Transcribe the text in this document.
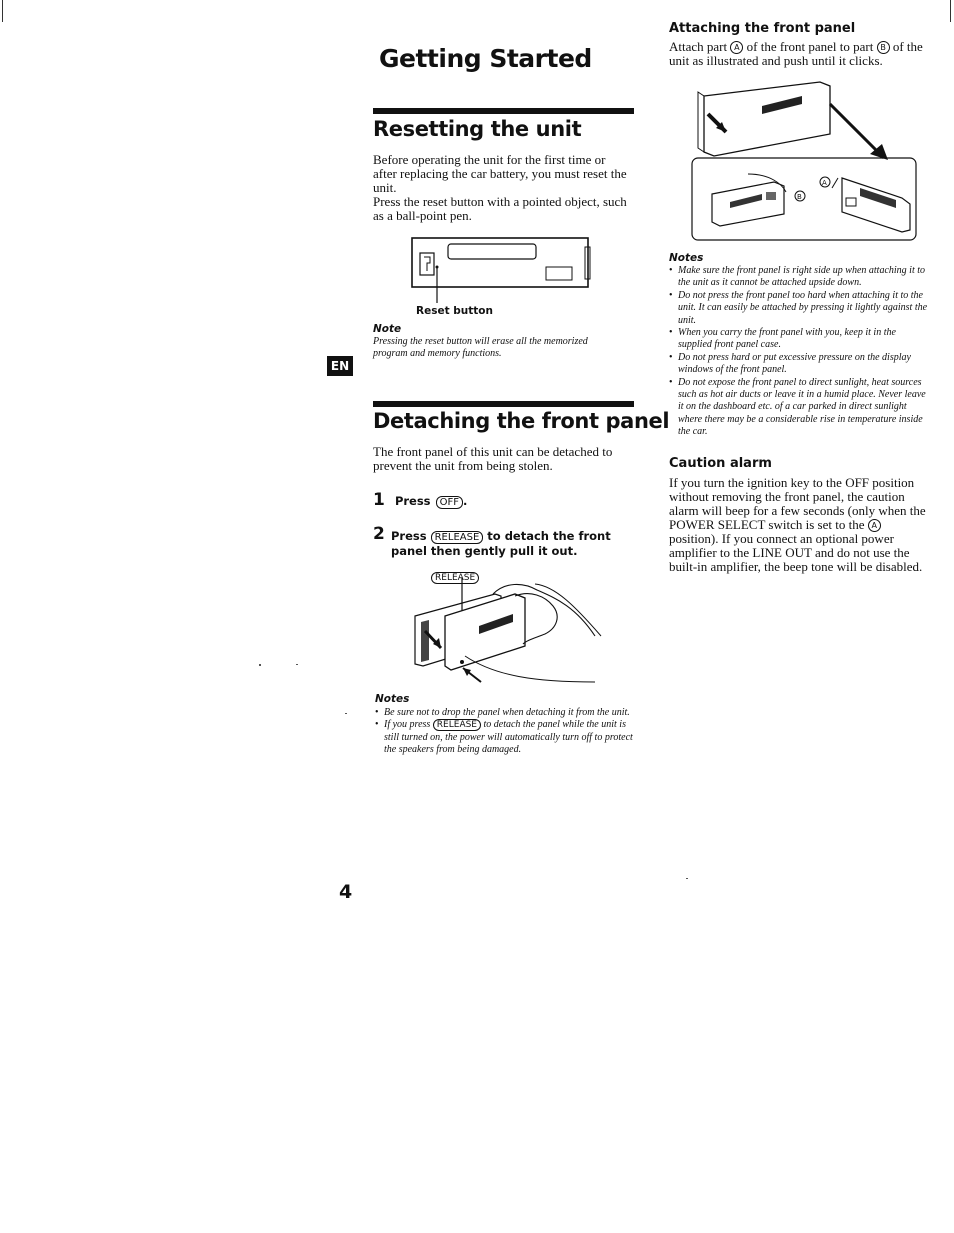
Getting Started
Resetting the unit
Before operating the unit for the first time or after replacing the car battery, you must reset the unit.
Press the reset button with a pointed object, such as a ball-point pen.
Reset button
Note
Pressing the reset button will erase all the memorized program and memory functions.
EN
Detaching the front panel
The front panel of this unit can be detached to prevent the unit from being stolen.
1 Press OFF .
2 Press RELEASE to detach the front panel then gently pull it out.
RELEASE
Notes
• Be sure not to drop the panel when detaching it from the unit.
• If you press RELEASE to detach the panel while the unit is still turned on, the power will automatically turn off to protect the speakers from being damaged.
4
Attaching the front panel
Attach part A of the front panel to part B of the unit as illustrated and push until it clicks.
B
A
Notes
• Make sure the front panel is right side up when attaching it to the unit as it cannot be attached upside down.
• Do not press the front panel too hard when attaching it to the unit. It can easily be attached by pressing it lightly against the unit.
• When you carry the front panel with you, keep it in the supplied front panel case.
• Do not press hard or put excessive pressure on the display windows of the front panel.
• Do not expose the front panel to direct sunlight, heat sources such as hot air ducts or leave it in a humid place. Never leave it on the dashboard etc. of a car parked in direct sunlight where there may be a considerable rise in temperature inside the car.
Caution alarm
If you turn the ignition key to the OFF position without removing the front panel, the caution alarm will beep for a few seconds (only when the POWER SELECT switch is set to the A position). If you connect an optional power amplifier to the LINE OUT and do not use the built-in amplifier, the beep tone will be disabled.
